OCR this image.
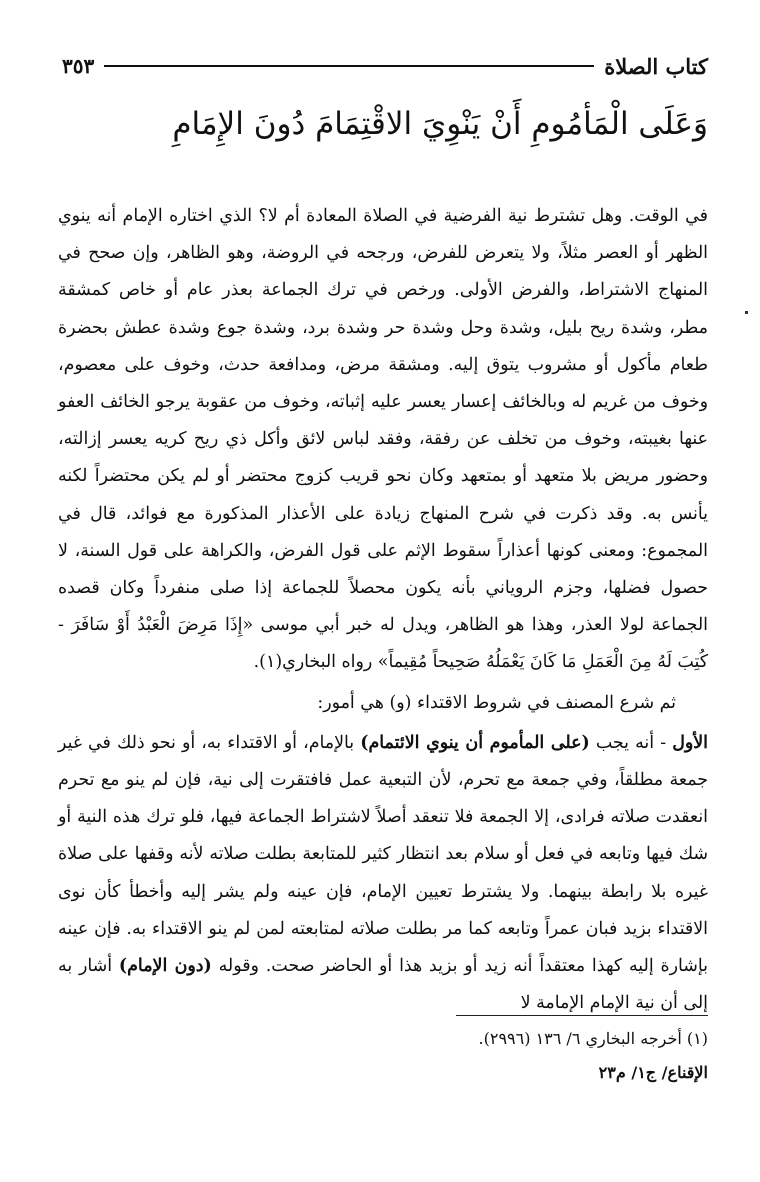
كتاب الصلاة
٣٥٣
وَعَلَى الْمَأمُومِ أَنْ يَنْوِيَ الاقْتِمَامَ دُونَ الإِمَامِ

في الوقت. وهل تشترط نية الفرضية في الصلاة المعادة أم لا؟ الذي اختاره الإمام أنه ينوي الظهر أو العصر مثلاً، ولا يتعرض للفرض، ورجحه في الروضة، وهو الظاهر، وإن صحح في المنهاج الاشتراط، والفرض الأولى. ورخص في ترك الجماعة بعذر عام أو خاص كمشقة مطر، وشدة ريح بليل، وشدة وحل وشدة حر وشدة برد، وشدة جوع وشدة عطش بحضرة طعام مأكول أو مشروب يتوق إليه. ومشقة مرض، ومدافعة حدث، وخوف على معصوم، وخوف من غريم له وبالخائف إعسار يعسر عليه إثباته، وخوف من عقوبة يرجو الخائف العفو عنها بغيبته، وخوف من تخلف عن رفقة، وفقد لباس لائق وأكل ذي ريح كريه يعسر إزالته، وحضور مريض بلا متعهد أو بمتعهد وكان نحو قريب كزوج محتضر أو لم يكن محتضراً لكنه يأنس به. وقد ذكرت في شرح المنهاج زيادة على الأعذار المذكورة مع فوائد، قال في المجموع: ومعنى كونها أعذاراً سقوط الإثم على قول الفرض، والكراهة على قول السنة، لا حصول فضلها، وجزم الروياني بأنه يكون محصلاً للجماعة إذا صلى منفرداً وكان قصده الجماعة لولا العذر، وهذا هو الظاهر، ويدل له خبر أبي موسى «إِذَا مَرِضَ الْعَبْدُ أَوْ سَافَرَ - كُتِبَ لَهُ مِنَ الْعَمَلِ مَا كَانَ يَعْمَلُهُ صَحِيحاً مُقِيماً» رواه البخاري(١).

ثم شرع المصنف في شروط الاقتداء (و) هي أمور:

الأول - أنه يجب (على المأموم أن ينوي الائتمام) بالإمام، أو الاقتداء به، أو نحو ذلك في غير جمعة مطلقاً، وفي جمعة مع تحرم، لأن التبعية عمل فافتقرت إلى نية، فإن لم ينو مع تحرم انعقدت صلاته فرادى، إلا الجمعة فلا تنعقد أصلاً لاشتراط الجماعة فيها، فلو ترك هذه النية أو شك فيها وتابعه في فعل أو سلام بعد انتظار كثير للمتابعة بطلت صلاته لأنه وقفها على صلاة غيره بلا رابطة بينهما. ولا يشترط تعيين الإمام، فإن عينه ولم يشر إليه وأخطأ كأن نوى الاقتداء بزيد فبان عمراً وتابعه كما مر بطلت صلاته لمتابعته لمن لم ينو الاقتداء به. فإن عينه بإشارة إليه كهذا معتقداً أنه زيد أو بزيد هذا أو الحاضر صحت. وقوله (دون الإمام) أشار به إلى أن نية الإمام الإمامة لا

(١) أخرجه البخاري ٦/ ١٣٦ (٢٩٩٦).
الإقناع/ ج١/ م٢٣
